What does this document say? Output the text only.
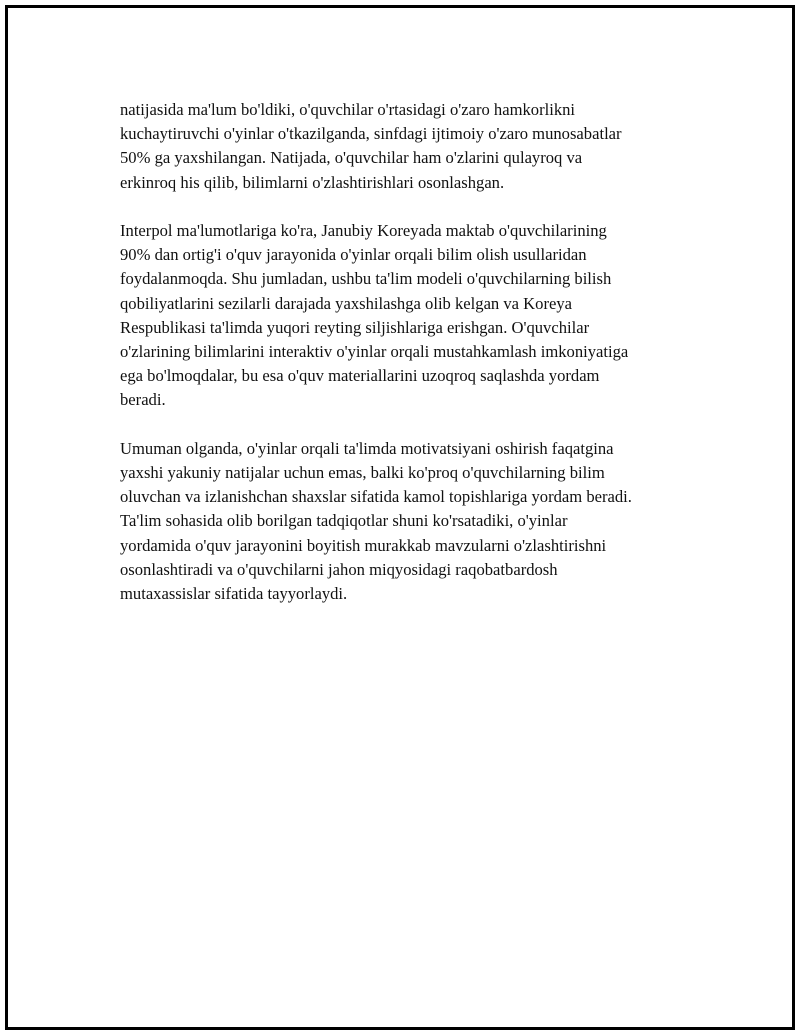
natijasida ma'lum bo'ldiki, o'quvchilar o'rtasidagi o'zaro hamkorlikni
kuchaytiruvchi o'yinlar o'tkazilganda, sinfdagi ijtimoiy o'zaro munosabatlar
50% ga yaxshilangan. Natijada, o'quvchilar ham o'zlarini qulayroq va
erkinroq his qilib, bilimlarni o'zlashtirishlari osonlashgan.

Interpol ma'lumotlariga ko'ra, Janubiy Koreyada maktab o'quvchilarining
90% dan ortig'i o'quv jarayonida o'yinlar orqali bilim olish usullaridan
foydalanmoqda. Shu jumladan, ushbu ta'lim modeli o'quvchilarning bilish
qobiliyatlarini sezilarli darajada yaxshilashga olib kelgan va Koreya
Respublikasi ta'limda yuqori reyting siljishlariga erishgan. O'quvchilar
o'zlarining bilimlarini interaktiv o'yinlar orqali mustahkamlash imkoniyatiga
ega bo'lmoqdalar, bu esa o'quv materiallarini uzoqroq saqlashda yordam
beradi.

Umuman olganda, o'yinlar orqali ta'limda motivatsiyani oshirish faqatgina
yaxshi yakuniy natijalar uchun emas, balki ko'proq o'quvchilarning bilim
oluvchan va izlanishchan shaxslar sifatida kamol topishlariga yordam beradi.
Ta'lim sohasida olib borilgan tadqiqotlar shuni ko'rsatadiki, o'yinlar
yordamida o'quv jarayonini boyitish murakkab mavzularni o'zlashtirishni
osonlashtiradi va o'quvchilarni jahon miqyosidagi raqobatbardosh
mutaxassislar sifatida tayyorlaydi.
